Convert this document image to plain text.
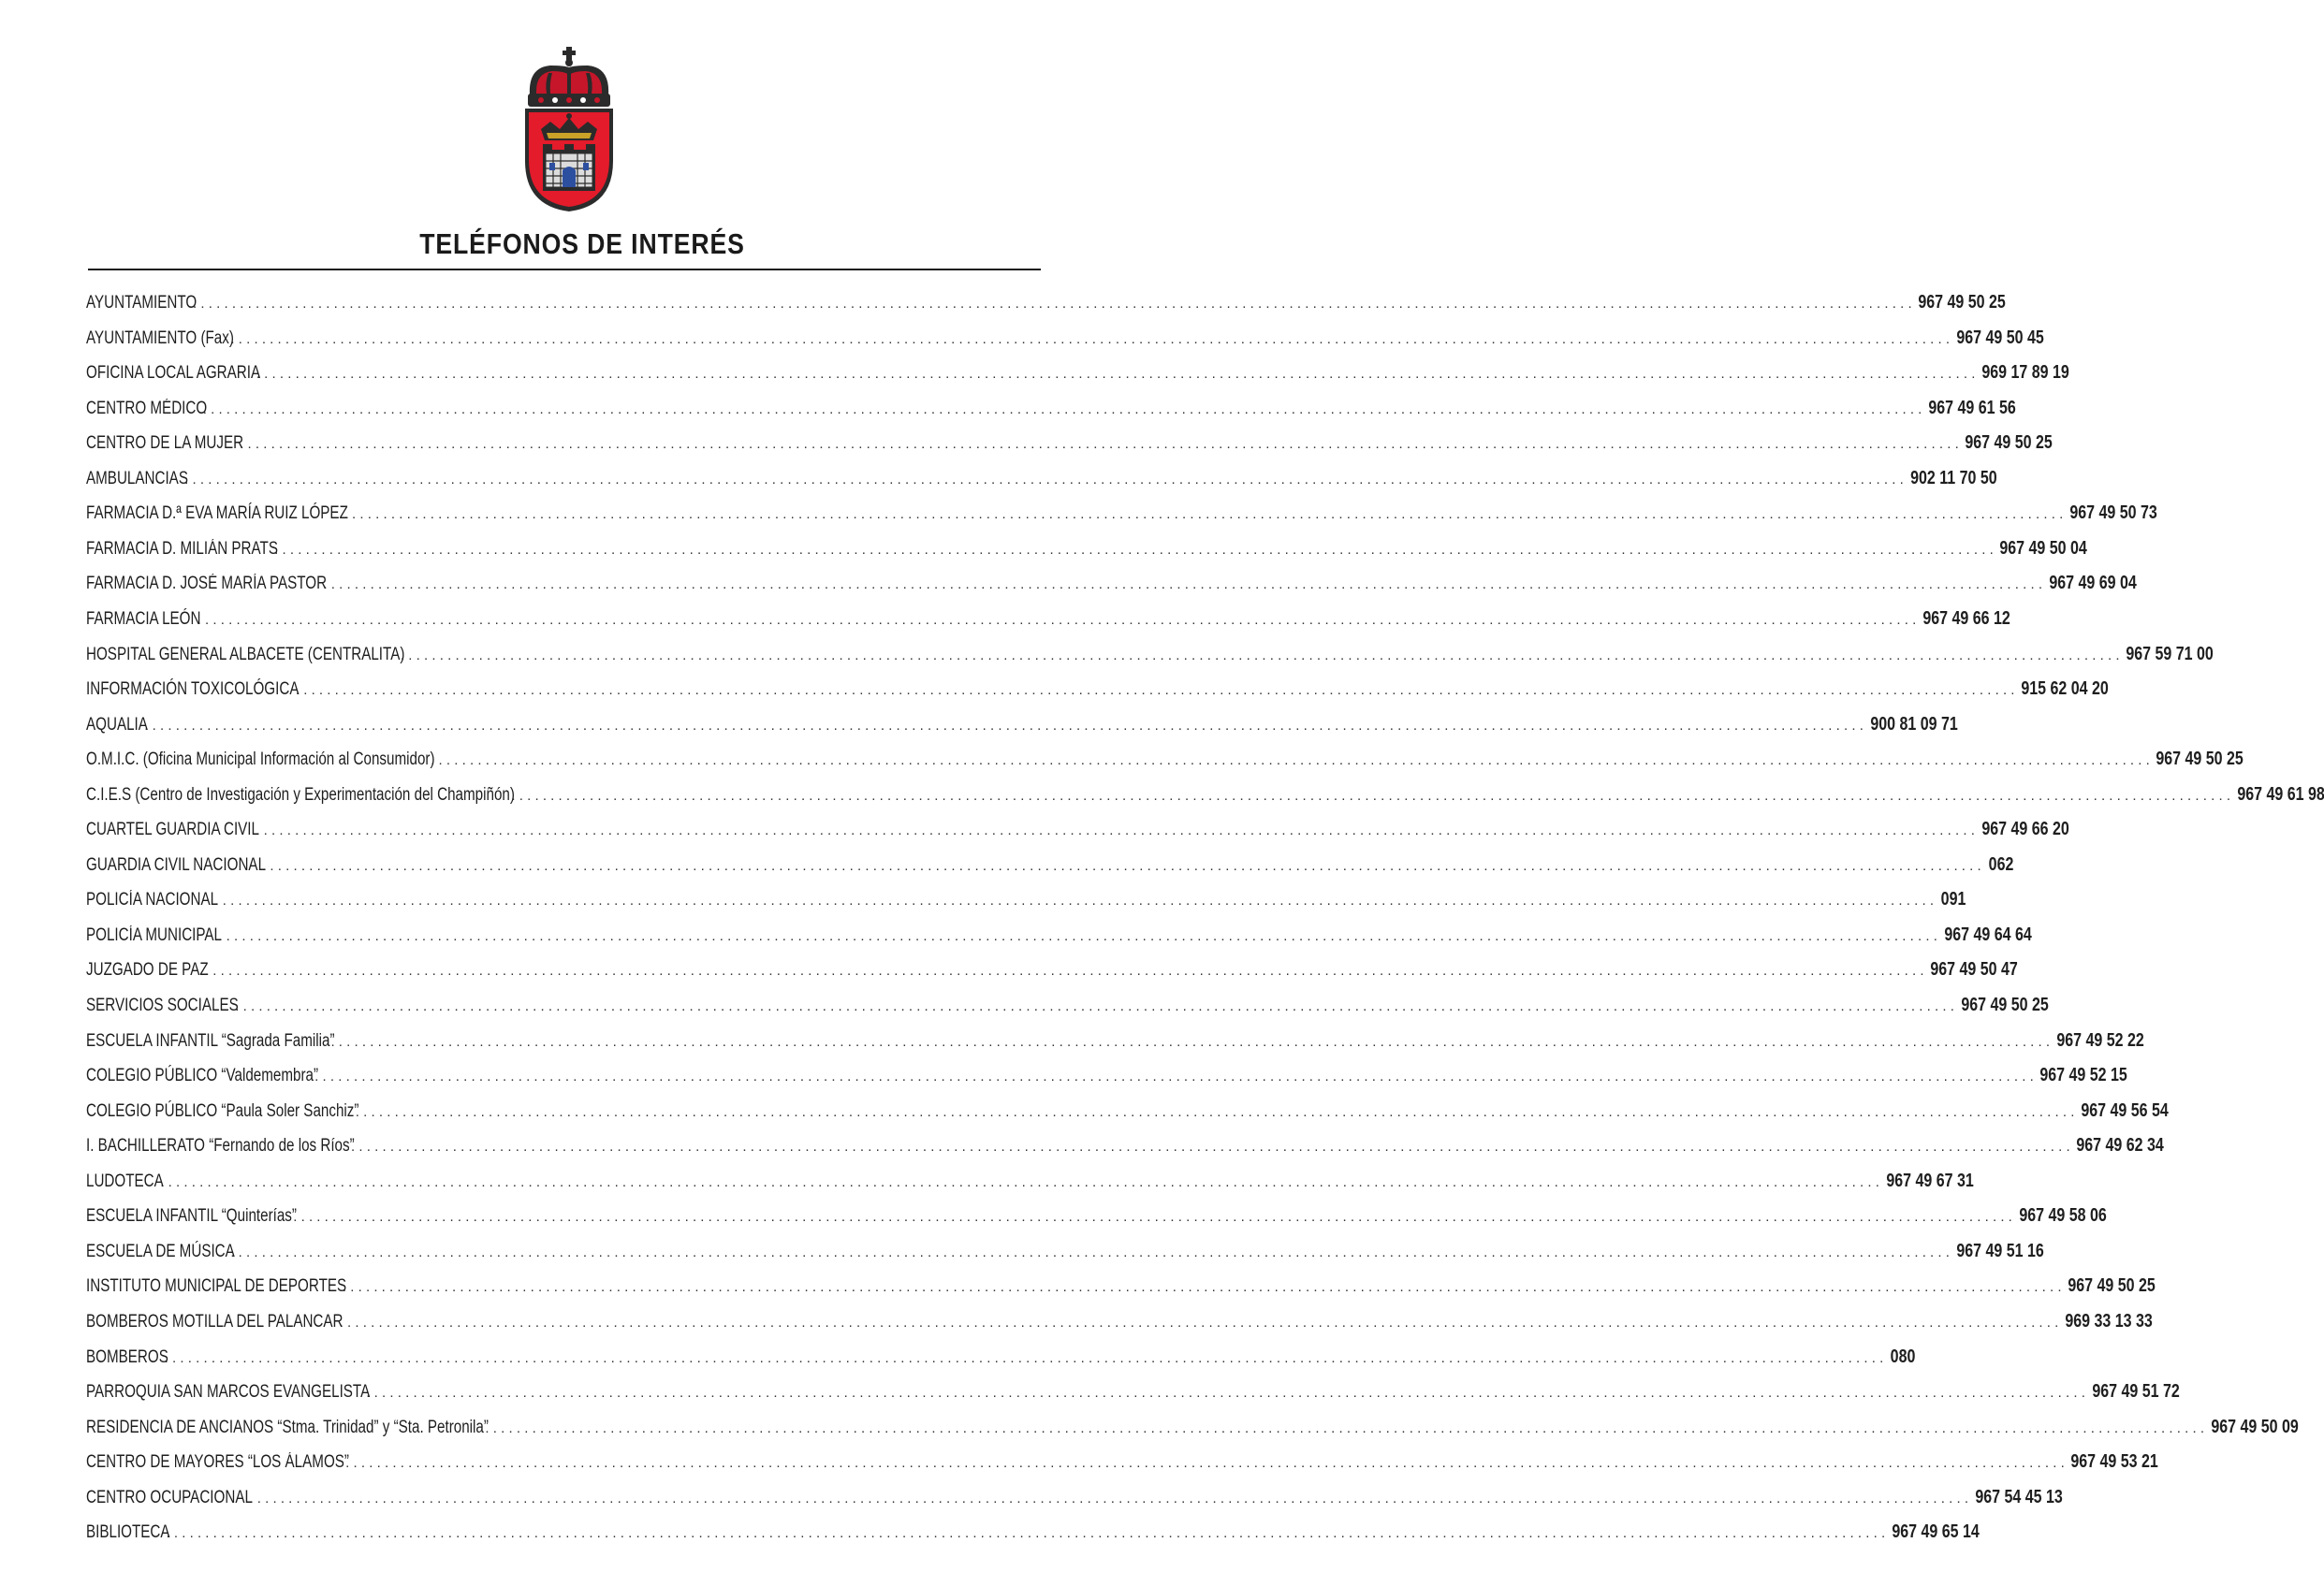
TELÉFONOS DE INTERÉS
AYUNTAMIENTO
............................................................................................................................................................................................................................ 967 49 50 25
AYUNTAMIENTO (Fax)
............................................................................................................................................................................................................................ 967 49 50 45
OFICINA LOCAL AGRARIA
............................................................................................................................................................................................................................ 969 17 89 19
CENTRO MÉDICO
............................................................................................................................................................................................................................ 967 49 61 56
CENTRO DE LA MUJER
............................................................................................................................................................................................................................ 967 49 50 25
AMBULANCIAS
............................................................................................................................................................................................................................ 902 11 70 50
FARMACIA D.ª EVA MARÍA RUIZ LÓPEZ
............................................................................................................................................................................................................................ 967 49 50 73
FARMACIA D. MILIÁN PRATS
............................................................................................................................................................................................................................ 967 49 50 04
FARMACIA D. JOSÉ MARÍA PASTOR
............................................................................................................................................................................................................................ 967 49 69 04
FARMACIA LEÓN
............................................................................................................................................................................................................................ 967 49 66 12
HOSPITAL GENERAL ALBACETE (CENTRALITA)
............................................................................................................................................................................................................................ 967 59 71 00
INFORMACIÓN TOXICOLÓGICA
............................................................................................................................................................................................................................ 915 62 04 20
AQUALIA
............................................................................................................................................................................................................................ 900 81 09 71
O.M.I.C. (Oficina Municipal Información al Consumidor)
............................................................................................................................................................................................................................ 967 49 50 25
C.I.E.S (Centro de Investigación y Experimentación del Champiñón)
............................................................................................................................................................................................................................ 967 49 61 98
CUARTEL GUARDIA CIVIL
............................................................................................................................................................................................................................ 967 49 66 20
GUARDIA CIVIL NACIONAL
............................................................................................................................................................................................................................ 062
POLICÍA NACIONAL
............................................................................................................................................................................................................................ 091
POLICÍA MUNICIPAL
............................................................................................................................................................................................................................ 967 49 64 64
JUZGADO DE PAZ
............................................................................................................................................................................................................................ 967 49 50 47
SERVICIOS SOCIALES
............................................................................................................................................................................................................................ 967 49 50 25
ESCUELA INFANTIL “Sagrada Familia”
............................................................................................................................................................................................................................ 967 49 52 22
COLEGIO PÚBLICO “Valdemembra”
............................................................................................................................................................................................................................ 967 49 52 15
COLEGIO PÚBLICO “Paula Soler Sanchiz”
............................................................................................................................................................................................................................ 967 49 56 54
I. BACHILLERATO “Fernando de los Ríos”
............................................................................................................................................................................................................................ 967 49 62 34
LUDOTECA
............................................................................................................................................................................................................................ 967 49 67 31
ESCUELA INFANTIL “Quinterías”
............................................................................................................................................................................................................................ 967 49 58 06
ESCUELA DE MÚSICA
............................................................................................................................................................................................................................ 967 49 51 16
INSTITUTO MUNICIPAL DE DEPORTES
............................................................................................................................................................................................................................ 967 49 50 25
BOMBEROS MOTILLA DEL PALANCAR
............................................................................................................................................................................................................................ 969 33 13 33
BOMBEROS
............................................................................................................................................................................................................................ 080
PARROQUIA SAN MARCOS EVANGELISTA
............................................................................................................................................................................................................................ 967 49 51 72
RESIDENCIA DE ANCIANOS “Stma. Trinidad” y “Sta. Petronila”
............................................................................................................................................................................................................................ 967 49 50 09
CENTRO DE MAYORES “LOS ÁLAMOS”
............................................................................................................................................................................................................................ 967 49 53 21
CENTRO OCUPACIONAL
............................................................................................................................................................................................................................ 967 54 45 13
BIBLIOTECA
............................................................................................................................................................................................................................ 967 49 65 14
